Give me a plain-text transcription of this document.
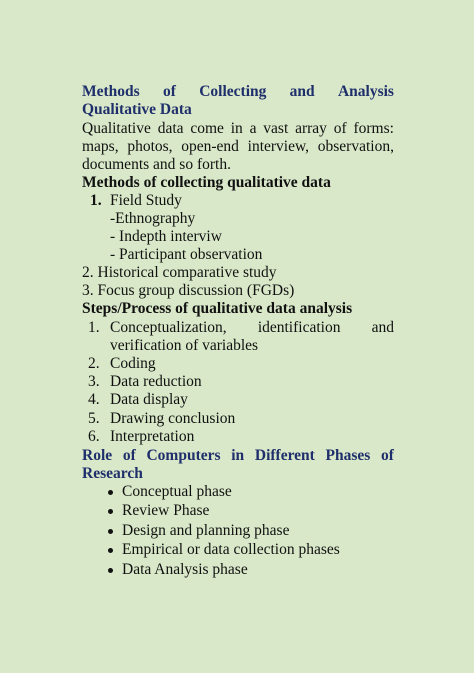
Methods of Collecting and Analysis
Qualitative Data
Qualitative data come in a vast array of forms:
maps, photos, open-end interview, observation,
documents and so forth.
Methods of collecting qualitative data
1. Field Study
-Ethnography
- Indepth interviw
- Participant observation
2. Historical comparative study
3. Focus group discussion (FGDs)
Steps/Process of qualitative data analysis
1. Conceptualization, identification and
verification of variables
2. Coding
3. Data reduction
4. Data display
5. Drawing conclusion
6. Interpretation
Role of Computers in Different Phases of
Research
Conceptual phase
Review Phase
Design and planning phase
Empirical or data collection phases
Data Analysis phase
